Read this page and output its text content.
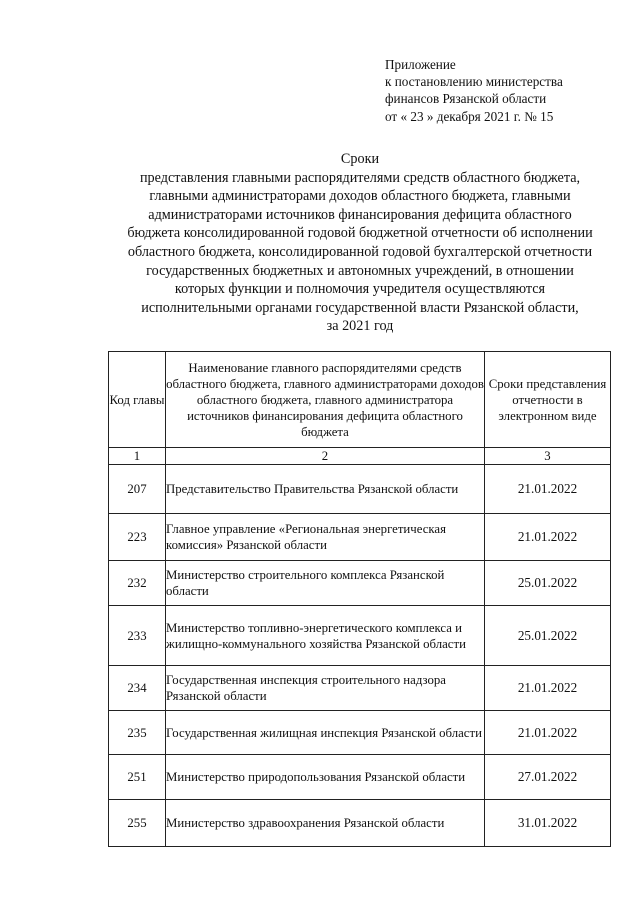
Приложение
к постановлению министерства
финансов Рязанской области
от « 23 » декабря 2021 г. № 15
Сроки
представления главными распорядителями средств областного бюджета,
главными администраторами доходов областного бюджета, главными
администраторами источников финансирования дефицита областного
бюджета консолидированной годовой бюджетной отчетности об исполнении
областного бюджета, консолидированной годовой бухгалтерской отчетности
государственных бюджетных и автономных учреждений, в отношении
которых функции и полномочия учредителя осуществляются
исполнительными органами государственной власти Рязанской области,
за 2021 год
Код главы	Наименование главного распорядителями средств областного бюджета, главного администраторами доходов областного бюджета, главного администратора источников финансирования дефицита областного бюджета	Сроки представления отчетности в электронном виде
1	2	3
207	Представительство Правительства Рязанской области	21.01.2022
223	Главное управление «Региональная энергетическая комиссия» Рязанской области	21.01.2022
232	Министерство строительного комплекса Рязанской области	25.01.2022
233	Министерство топливно-энергетического комплекса и жилищно-коммунального хозяйства Рязанской области	25.01.2022
234	Государственная инспекция строительного надзора Рязанской области	21.01.2022
235	Государственная жилищная инспекция Рязанской области	21.01.2022
251	Министерство природопользования Рязанской области	27.01.2022
255	Министерство здравоохранения Рязанской области	31.01.2022
